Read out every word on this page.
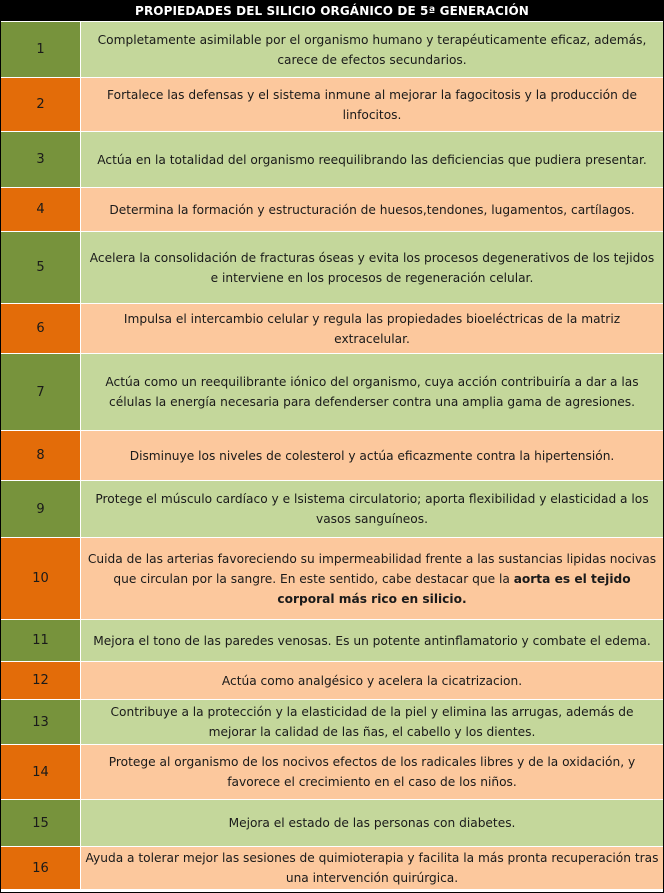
PROPIEDADES DEL SILICIO ORGÁNICO DE 5ª GENERACIÓN
1
Completamente asimilable por el organismo humano y terapéuticamente eficaz, además, carece de efectos secundarios.
2
Fortalece las defensas y el sistema inmune al mejorar la fagocitosis y la producción de linfocitos.
3	Actúa en la totalidad del organismo reequilibrando las deficiencias que pudiera presentar.
4	Determina la formación y estructuración de huesos,tendones, lugamentos, cartílagos.
5
Acelera la consolidación de fracturas óseas y evita los procesos degenerativos de los tejidos e interviene en los procesos de regeneración celular.
6
Impulsa el intercambio celular y regula las propiedades bioeléctricas de la matriz extracelular.
7
Actúa como un reequilibrante iónico del organismo, cuya acción contribuiría a dar a las células la energía necesaria para defenderser contra una amplia gama de agresiones.
8	Disminuye los niveles de colesterol y actúa eficazmente contra la hipertensión.
9
Protege el músculo cardíaco y e lsistema circulatorio; aporta flexibilidad y elasticidad a los vasos sanguíneos.
10
Cuida de las arterias favoreciendo su impermeabilidad frente a las sustancias lipidas nocivas que circulan por la sangre. En este sentido, cabe destacar que la aorta es el tejido corporal más rico en silicio.
11	Mejora el tono de las paredes venosas. Es un potente antinflamatorio y combate el edema.
12	Actúa como analgésico y acelera la cicatrizacion.
13
Contribuye a la protección y la elasticidad de la piel y elimina las arrugas, además de mejorar la calidad de las ñas, el cabello y los dientes.
14
Protege al organismo de los nocivos efectos de los radicales libres y de la oxidación, y favorece el crecimiento en el caso de los niños.
15	Mejora el estado de las personas con diabetes.
16
Ayuda a tolerar mejor las sesiones de quimioterapia y facilita la más pronta recuperación tras una intervención quirúrgica.
